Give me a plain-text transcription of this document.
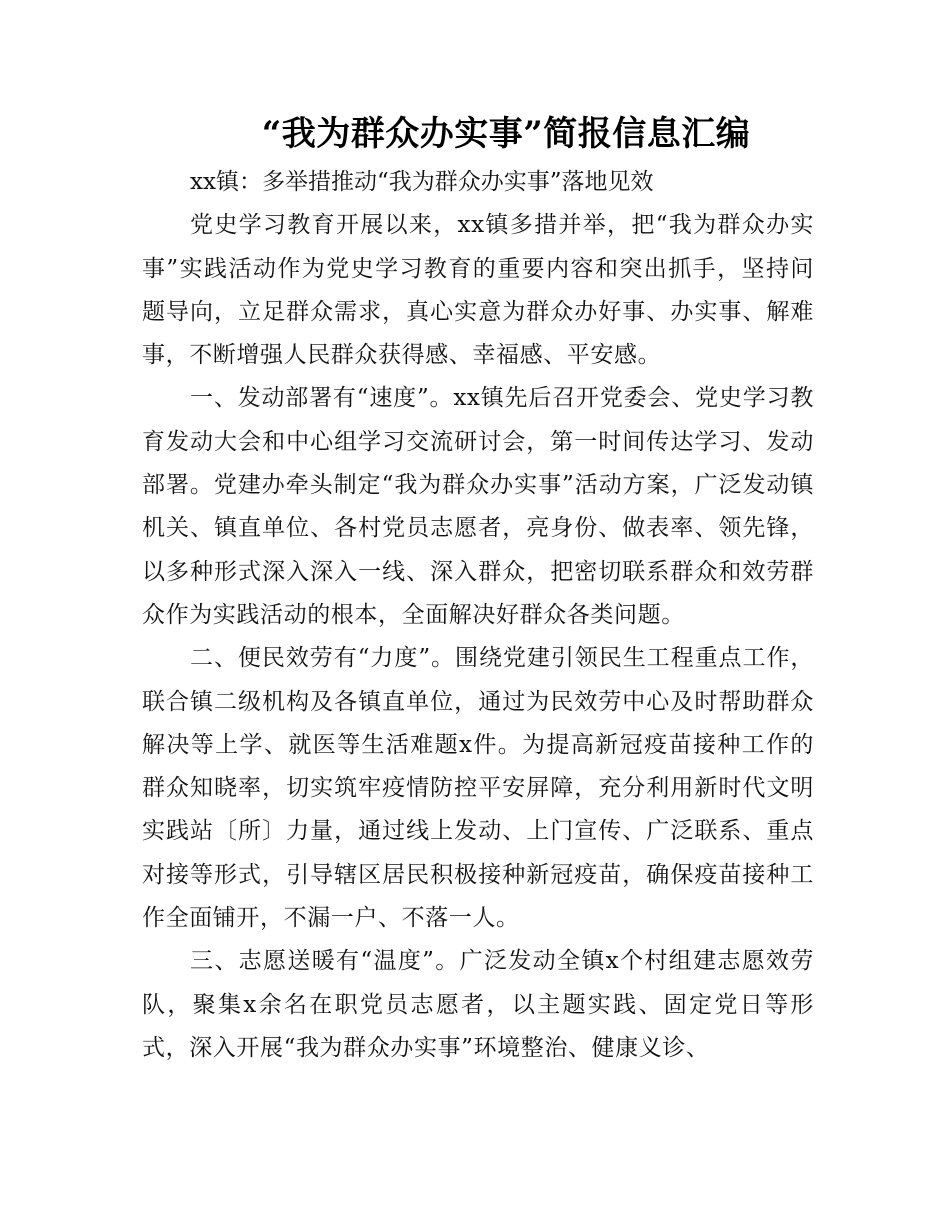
“我为群众办实事”简报信息汇编

xx镇：多举措推动“我为群众办实事”落地见效

党史学习教育开展以来，xx镇多措并举，把“我为群众办实事”实践活动作为党史学习教育的重要内容和突出抓手，坚持问题导向，立足群众需求，真心实意为群众办好事、办实事、解难事，不断增强人民群众获得感、幸福感、平安感。

一、发动部署有“速度”。xx镇先后召开党委会、党史学习教育发动大会和中心组学习交流研讨会，第一时间传达学习、发动部署。党建办牵头制定“我为群众办实事”活动方案，广泛发动镇机关、镇直单位、各村党员志愿者，亮身份、做表率、领先锋，以多种形式深入深入一线、深入群众，把密切联系群众和效劳群众作为实践活动的根本，全面解决好群众各类问题。

二、便民效劳有“力度”。围绕党建引领民生工程重点工作，联合镇二级机构及各镇直单位，通过为民效劳中心及时帮助群众解决等上学、就医等生活难题x件。为提高新冠疫苗接种工作的群众知晓率，切实筑牢疫情防控平安屏障，充分利用新时代文明实践站〔所〕力量，通过线上发动、上门宣传、广泛联系、重点对接等形式，引导辖区居民积极接种新冠疫苗，确保疫苗接种工作全面铺开，不漏一户、不落一人。

三、志愿送暖有“温度”。广泛发动全镇x个村组建志愿效劳队，聚集x余名在职党员志愿者，以主题实践、固定党日等形式，深入开展“我为群众办实事”环境整治、健康义诊、
